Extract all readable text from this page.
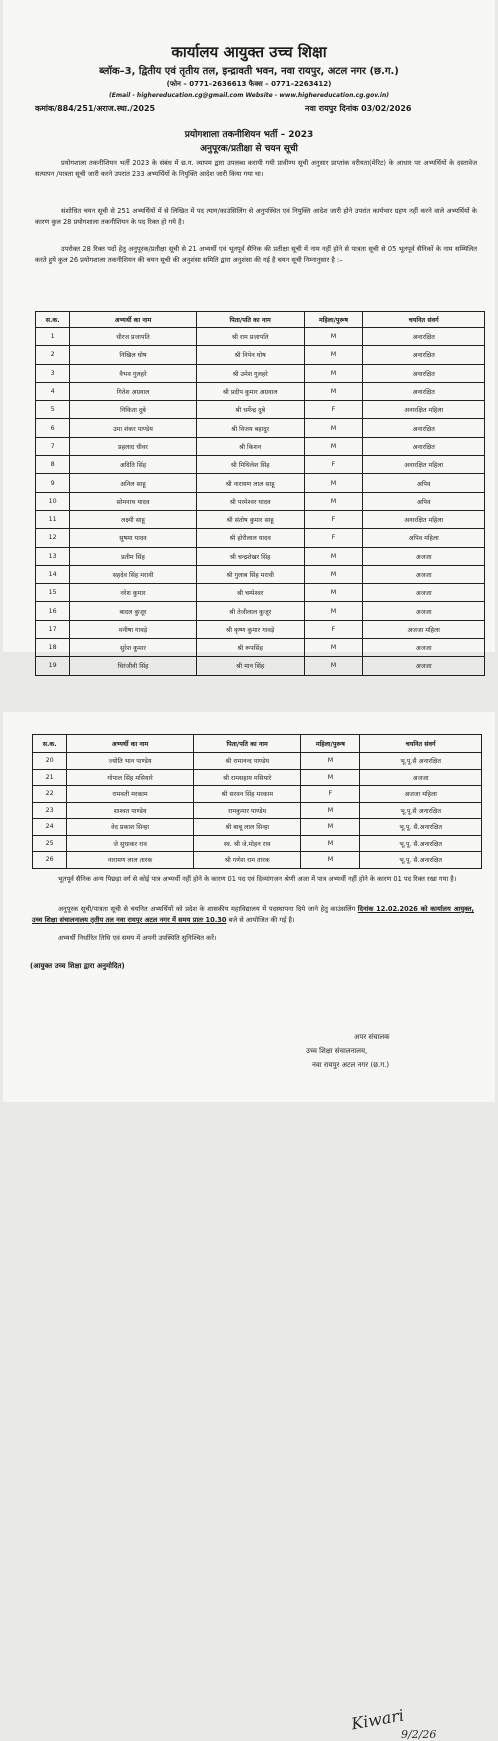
कार्यालय आयुक्त उच्च शिक्षा
ब्लॉक–3, द्वितीय एवं तृतीय तल, इन्द्रावती भवन, नवा रायपुर, अटल नगर (छ.ग.)
(फोन – 0771–2636613 फैक्स – 0771–2263412)
(Email - highereducation.cg@gmail.com Website - www.highereducation.cg.gov.in)
कमांक/884/251/अराज.स्था./2025	नवा रायपुर दिनांक 03/02/2026
प्रयोगशाला तकनीशियन भर्ती – 2023
अनुपूरक/प्रतीक्षा से चयन सूची
प्रयोगशाला तकनीशियन भर्ती 2023 के संबंध में छ.ग. व्यापम द्वारा उपलब्ध करायी गयी प्रावीण्य सूची अनुसार प्राप्तांक वरीयता(मेरिट) के आधार पर अभ्यर्थियों के दस्तावेज सत्यापन /पात्रता सूची जारी करने उपरांत 233 अभ्यर्थियों के नियुक्ति आदेश जारी किया गया था।
संशोधित चयन सूची से 251 अभ्यर्थियों में से लिखित में पद त्याग/काउंसिलिंग से अनुपस्थित एवं नियुक्ति आदेश जारी होने उपरांत कार्यभार ग्रहण नहीं करने वाले अभ्यर्थियों के कारण कुल 28 प्रयोगशाला तकनीशियन के पद रिक्त हो गये है।
उपरोक्त 28 रिक्त पदों हेतु अनुपूरक/प्रतीक्षा सूची से 21 अभ्यर्थी एवं भूतपूर्व सैनिक की प्रतीक्षा सूची में नाम नहीं होने से पात्रता सूची से 05 भूतपूर्व सैनिकों के नाम सम्मिलित करते हुये कुल 26 प्रयोगशाला तकनीशियन की चयन सूची की अनुशंसा समिति द्वारा अनुशंसा की गई है चयन सूची निम्नानुसार है :–
स.क.	अभ्यर्थी का नाम	पिता/पति का नाम	महिला/पुरूष	चयनित संवर्ग
1	धीरज प्रजापति	श्री राम प्रजापति	M	अनारक्षित
2	निखिल घोष	श्री निपेन घोष	M	अनारक्षित
3	वैभव गुलहरे	श्री उमेश गुलहरे	M	अनारक्षित
4	गितेश अग्रवाल	श्री प्रदीप कुमार अग्रवाल	M	अनारक्षित
5	निकिता दुबे	श्री धर्मेन्द्र दुबे	F	अनारक्षित महिला
6	उमा शंकर पाण्डेय	श्री विजय बहादुर	M	अनारक्षित
7	प्रहलाद धीवर	श्री किशन	M	अनारक्षित
8	अदिति सिंह	श्री मिथिलेश सिंह	F	अनारक्षित महिला
9	अनिल साहू	श्री नारायण लाल साहू	M	अपिव
10	सोमनाथ यादव	श्री परमेश्वर यादव	M	अपिव
11	लक्ष्मी साहू	श्री संतोष कुमार साहू	F	अनारक्षित महिला
12	सुषमा यादव	श्री होरीलाल यादव	F	अपिव महिला
13	प्रतीम सिंह	श्री चन्द्रशेखर सिंह	M	अजजा
14	सहदेव सिंह मरावी	श्री गुलाब सिंह मरावी	M	अजजा
15	नरेश कुमार	श्री चम्पेश्वर	M	अजजा
16	बादल कुजूर	श्री तेजीलाल कुजूर	M	अजजा
17	मनीषा गावड़े	श्री कृष्ण कुमार गावड़े	F	अजजा महिला
18	सुरेश कुमार	श्री रूपसिंह	M	अजजा
19	चिरंजीवी सिंह	श्री मान सिंह	M	अजजा
Kiwari
9/2/26
स.क.	अभ्यर्थी का नाम	पिता/पति का नाम	महिला/पुरूष	चयनित संवर्ग
20	ज्योति भान पाण्डेय	श्री रामानन्द पाण्डेय	M	भू.पू.सै अनारक्षित
21	गोपाल सिंह मसियारे	श्री रामसहाय मसियारे	M	अजजा
22	रामवती मरकाम	श्री सरवन सिंह मरकाम	F	अजजा महिला
23	शाश्वत पाण्डेय	रामकुमार पाण्डेय	M	भू.पू.सै अनारक्षित
24	वेद प्रकाश सिन्हा	श्री बाबू लाल सिन्हा	M	भू.पू. सै.अनारक्षित
25	जे सुधाकर राव	स्व. श्री जे.मोहन राव	M	भू.पू. सै.अनारक्षित
26	नारायण लाल तारक	श्री गणेश राम तारक	M	भू.पू. सै.अनारक्षित
भूतपूर्व सैनिक अन्य पिछड़ा वर्ग से कोई पात्र अभ्यर्थी नहीं होने के कारण 01 पद एवं दिव्यांगजन श्रेणी अजा में पात्र अभ्यर्थी नहीं होने के कारण 01 पद रिक्त रखा गया है।
अनुपूरक सूची/पात्रता सूची से चयनित अभ्यर्थियों को प्रदेश के शासकीय महाविद्यालय में पदस्थापना दिये जाने हेतु काउंसलिंग दिनांक 12.02.2026 को कार्यालय आयुक्त, उच्च शिक्षा संचालनालय तृतीय तल नवा रायपुर अटल नगर में समय प्रातः 10.30 बजे से आयोजित की गई है।
अभ्यर्थी निर्धारित तिथि एवं समय में अपनी उपस्थिति सुनिश्चित करें।
(आयुक्त उच्च शिक्षा द्वारा अनुमोदित)
अपर संचालक
उच्च शिक्षा संचालनालय,
नवा रायपुर अटल नगर (छ.ग.)
